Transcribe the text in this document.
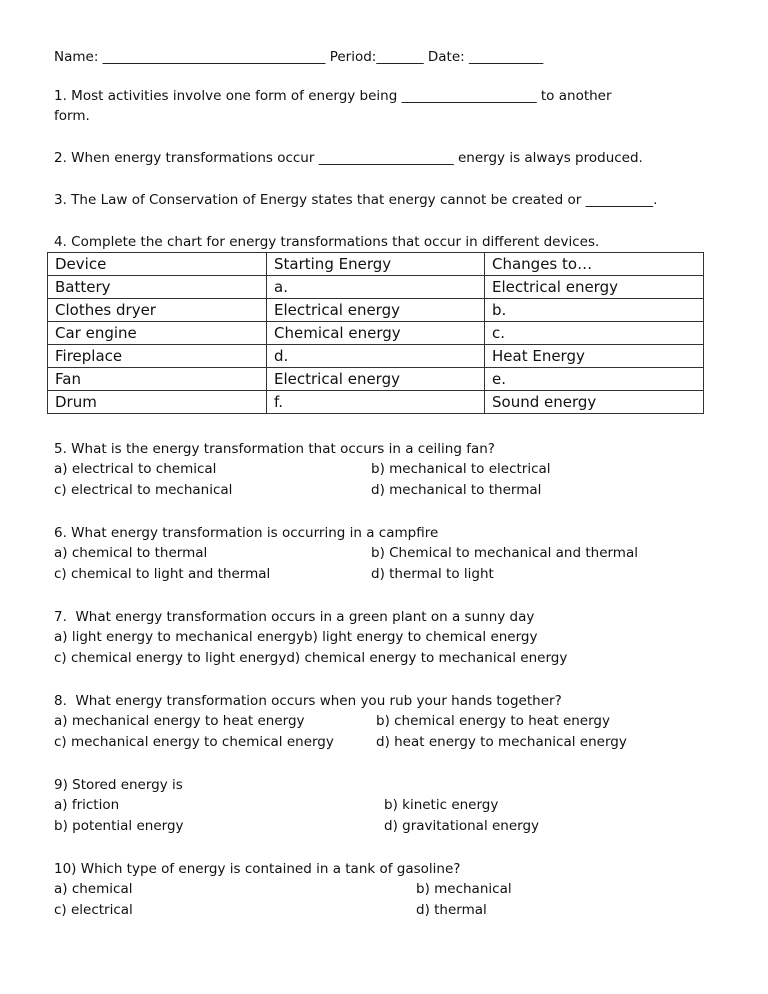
Name: _________________________________ Period:_______ Date: ___________
1. Most activities involve one form of energy being ____________________ to another
form.
2. When energy transformations occur ____________________ energy is always produced.
3. The Law of Conservation of Energy states that energy cannot be created or __________.
4. Complete the chart for energy transformations that occur in different devices.
Device	Starting Energy	Changes to…
Battery	a.	Electrical energy
Clothes dryer	Electrical energy	b.
Car engine	Chemical energy	c.
Fireplace	d.	Heat Energy
Fan	Electrical energy	e.
Drum	f.	Sound energy
5. What is the energy transformation that occurs in a ceiling fan?
a) electrical to chemical	b) mechanical to electrical
c) electrical to mechanical	d) mechanical to thermal
6. What energy transformation is occurring in a campfire
a) chemical to thermal	b) Chemical to mechanical and thermal
c) chemical to light and thermal	d) thermal to light
7.  What energy transformation occurs in a green plant on a sunny day
a) light energy to mechanical energyb) light energy to chemical energy
c) chemical energy to light energyd) chemical energy to mechanical energy
8.  What energy transformation occurs when you rub your hands together?
a) mechanical energy to heat energy	b) chemical energy to heat energy
c) mechanical energy to chemical energy	d) heat energy to mechanical energy
9) Stored energy is
a) friction	b) kinetic energy
b) potential energy	d) gravitational energy
10) Which type of energy is contained in a tank of gasoline?
a) chemical	b) mechanical
c) electrical	d) thermal
